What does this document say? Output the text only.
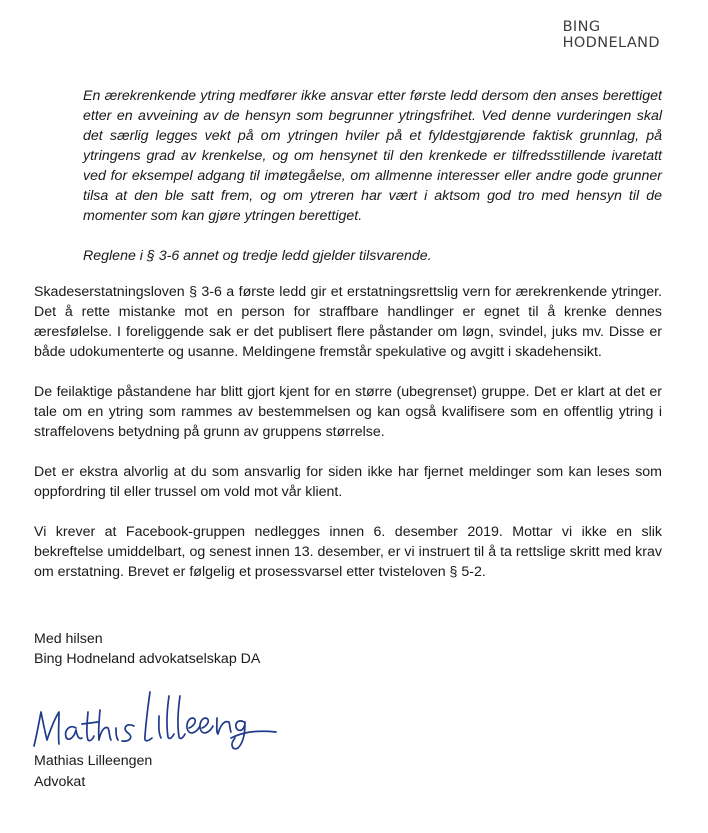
BING
HODNELAND

En ærekrenkende ytring medfører ikke ansvar etter første ledd dersom den anses berettiget etter en avveining av de hensyn som begrunner ytringsfrihet. Ved denne vurderingen skal det særlig legges vekt på om ytringen hviler på et fyldestgjørende faktisk grunnlag, på ytringens grad av krenkelse, og om hensynet til den krenkede er tilfredsstillende ivaretatt ved for eksempel adgang til imøtegåelse, om allmenne interesser eller andre gode grunner tilsa at den ble satt frem, og om ytreren har vært i aktsom god tro med hensyn til de momenter som kan gjøre ytringen berettiget.

Reglene i § 3-6 annet og tredje ledd gjelder tilsvarende.

Skadeserstatningsloven § 3-6 a første ledd gir et erstatningsrettslig vern for ærekrenkende ytringer. Det å rette mistanke mot en person for straffbare handlinger er egnet til å krenke dennes æresfølelse. I foreliggende sak er det publisert flere påstander om løgn, svindel, juks mv. Disse er både udokumenterte og usanne. Meldingene fremstår spekulative og avgitt i skadehensikt.

De feilaktige påstandene har blitt gjort kjent for en større (ubegrenset) gruppe. Det er klart at det er tale om en ytring som rammes av bestemmelsen og kan også kvalifisere som en offentlig ytring i straffelovens betydning på grunn av gruppens størrelse.

Det er ekstra alvorlig at du som ansvarlig for siden ikke har fjernet meldinger som kan leses som oppfordring til eller trussel om vold mot vår klient.

Vi krever at Facebook-gruppen nedlegges innen 6. desember 2019. Mottar vi ikke en slik bekreftelse umiddelbart, og senest innen 13. desember, er vi instruert til å ta rettslige skritt med krav om erstatning. Brevet er følgelig et prosessvarsel etter tvisteloven § 5-2.

Med hilsen
Bing Hodneland advokatselskap DA
Mathias Lilleengen
Advokat
